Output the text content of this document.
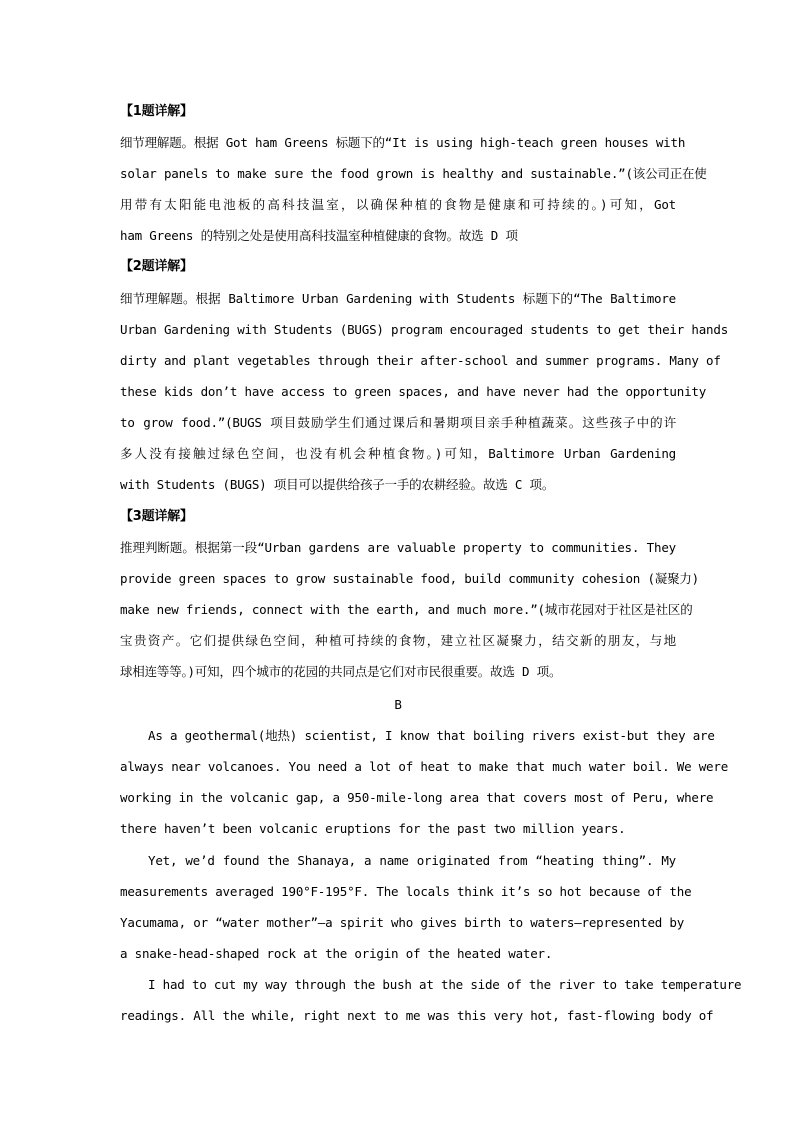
【1题详解】
细节理解题。根据 Got ham Greens 标题下的“It is using high-teach green houses with
solar panels to make sure the food grown is healthy and sustainable.”(该公司正在使
用带有太阳能电池板的高科技温室，以确保种植的食物是健康和可持续的。)可知，Got
ham Greens 的特别之处是使用高科技温室种植健康的食物。故选 D 项
【2题详解】
细节理解题。根据 Baltimore Urban Gardening with Students 标题下的“The Baltimore
Urban Gardening with Students (BUGS) program encouraged students to get their hands
dirty and plant vegetables through their after-school and summer programs. Many of
these kids don’t have access to green spaces, and have never had the opportunity
to grow food.”(BUGS 项目鼓励学生们通过课后和暑期项目亲手种植蔬菜。这些孩子中的许
多人没有接触过绿色空间，也没有机会种植食物。)可知，Baltimore Urban Gardening
with Students (BUGS) 项目可以提供给孩子一手的农耕经验。故选 C 项。
【3题详解】
推理判断题。根据第一段“Urban gardens are valuable property to communities. They
provide green spaces to grow sustainable food, build community cohesion (凝聚力)
make new friends, connect with the earth, and much more.”(城市花园对于社区是社区的
宝贵资产。它们提供绿色空间，种植可持续的食物，建立社区凝聚力，结交新的朋友，与地
球相连等等。)可知，四个城市的花园的共同点是它们对市民很重要。故选 D 项。
B
As a geothermal(地热) scientist, I know that boiling rivers exist-but they are
always near volcanoes. You need a lot of heat to make that much water boil. We were
working in the volcanic gap, a 950-mile-long area that covers most of Peru, where
there haven’t been volcanic eruptions for the past two million years.
Yet, we’d found the Shanaya, a name originated from “heating thing”. My
measurements averaged 190°F-195°F. The locals think it’s so hot because of the
Yacumama, or “water mother”—a spirit who gives birth to waters—represented by
a snake-head-shaped rock at the origin of the heated water.
I had to cut my way through the bush at the side of the river to take temperature
readings. All the while, right next to me was this very hot, fast-flowing body of
